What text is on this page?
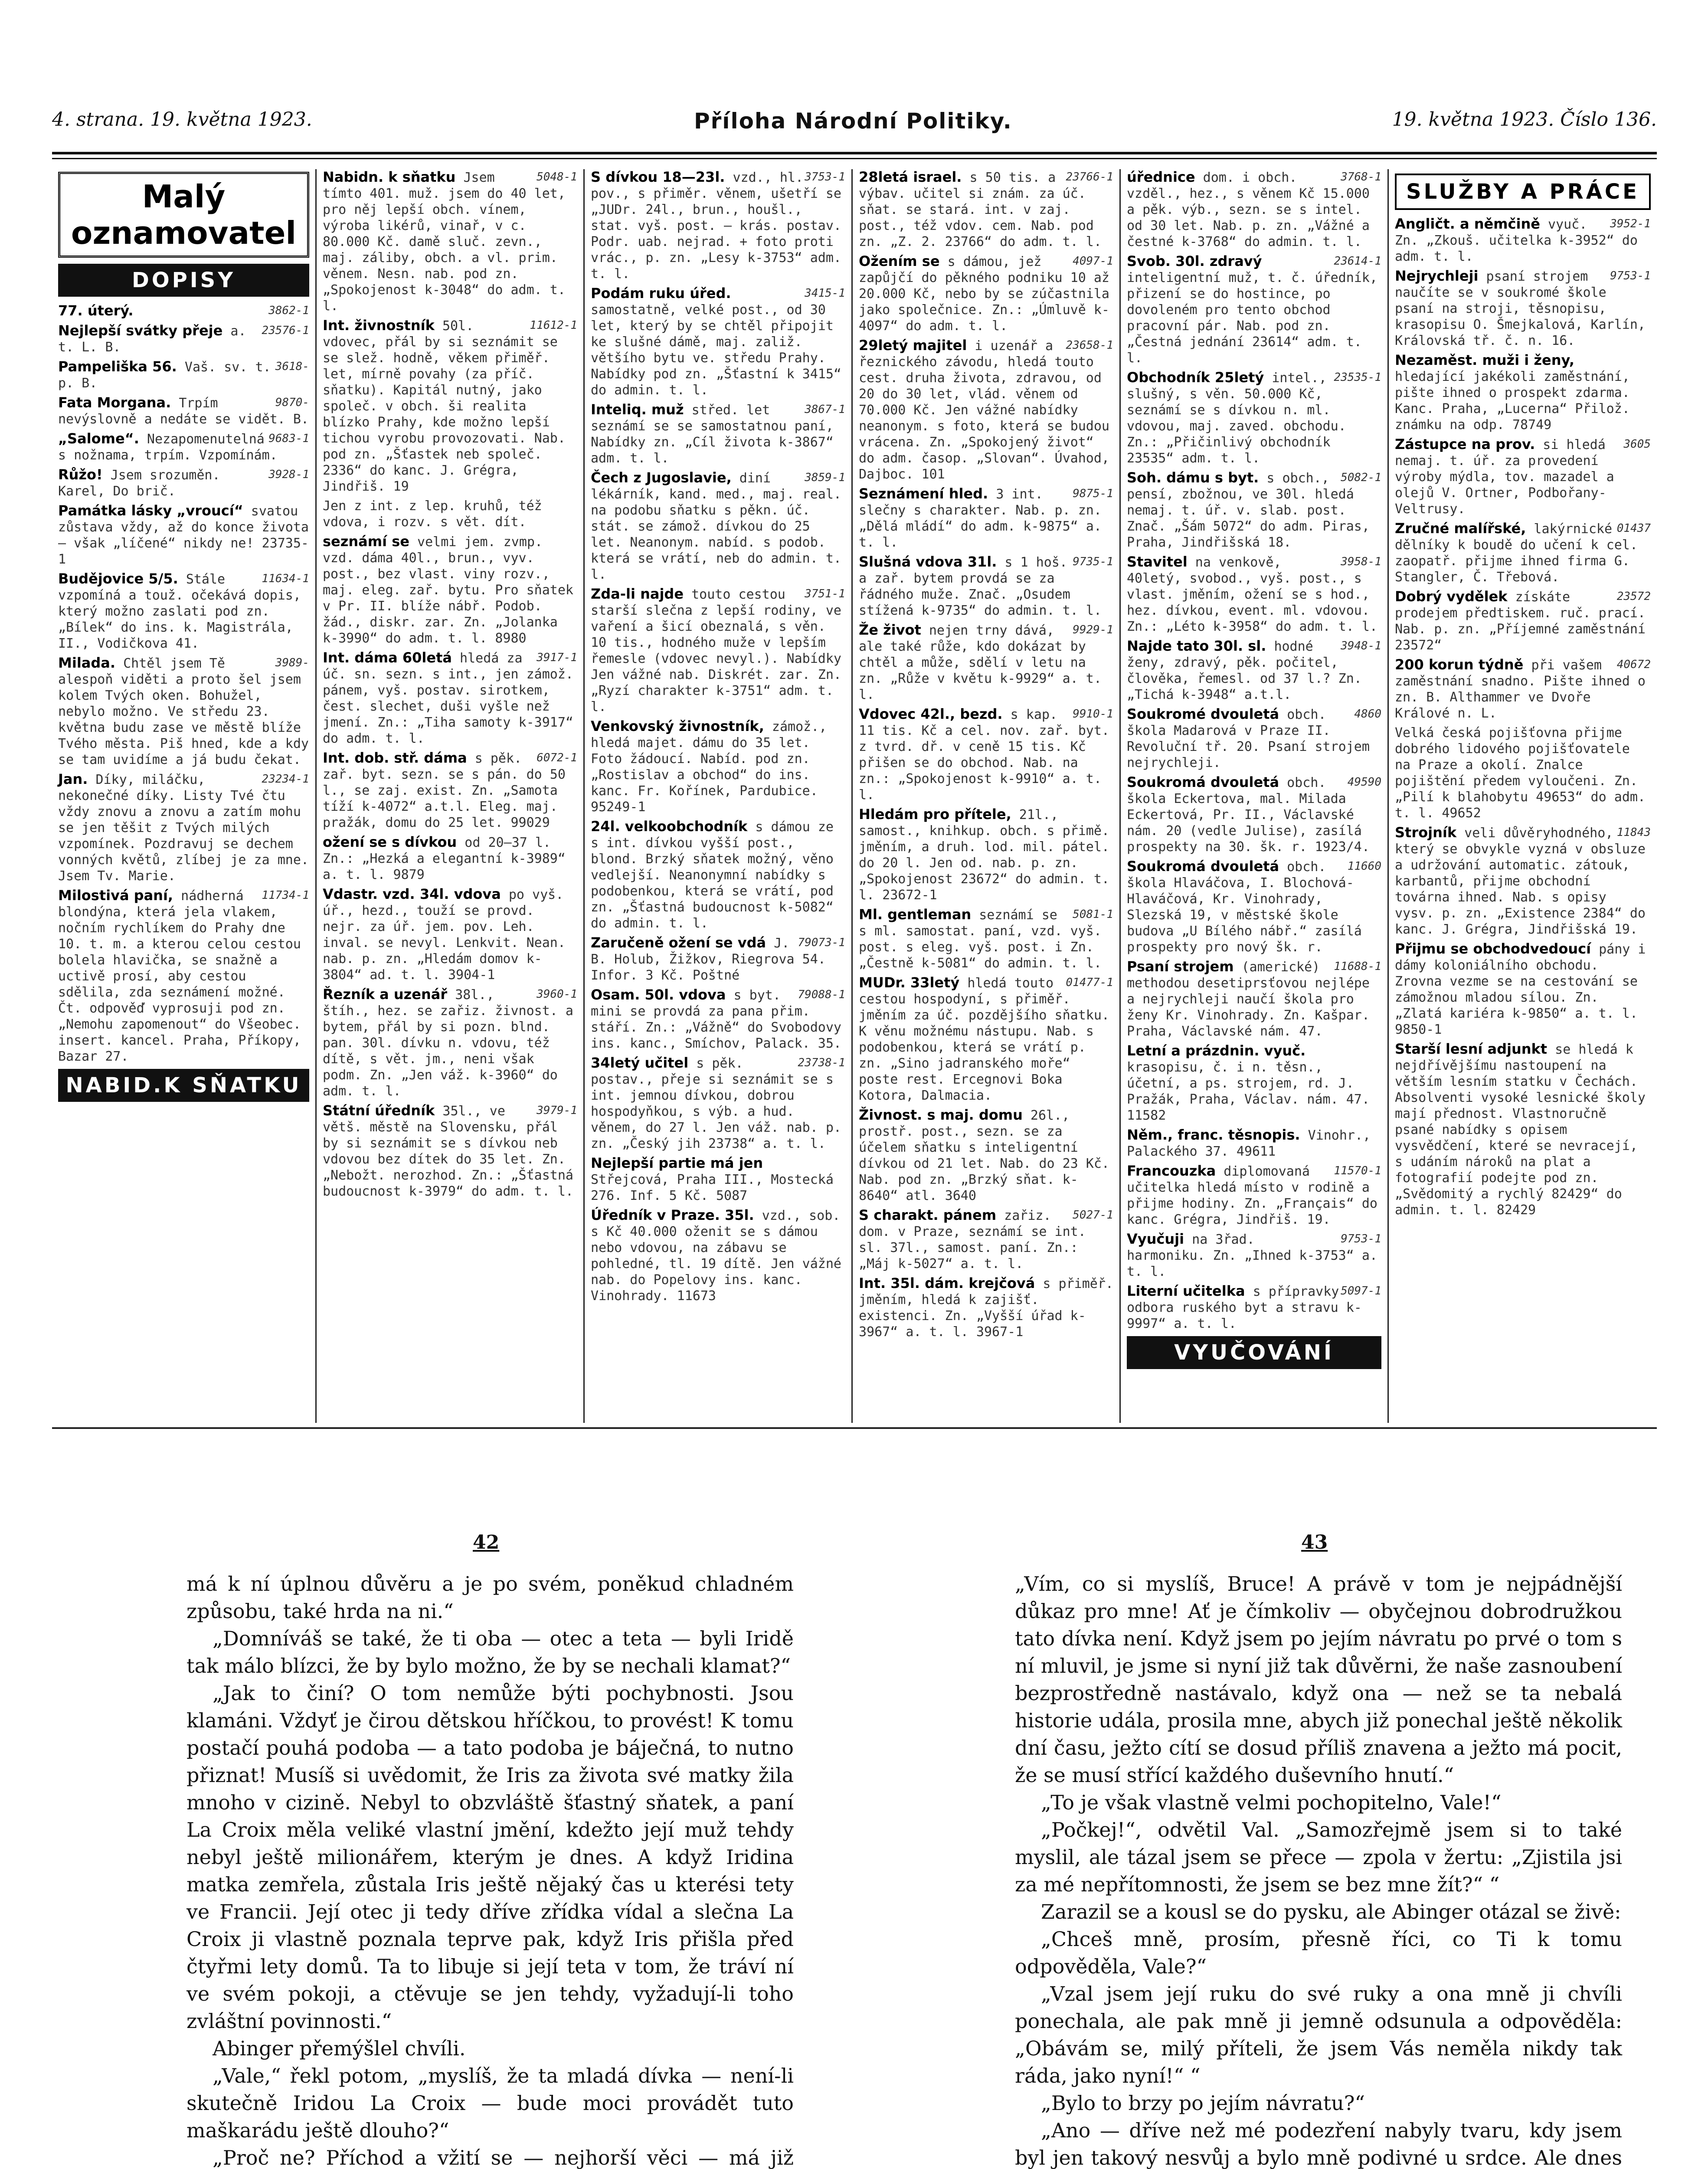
4. strana. 19. května 1923.	Příloha Národní Politiky.	19. května 1923. Číslo 136.
Malý
oznamovatel
DOPISY
3862-1
77. úterý.
23576-1
Nejlepší svátky přeje a. t. L. B.
3618-
Pampeliška 56. Vaš. sv. t. p. B.
9870-
Fata Morgana. Trpím nevýslovně a nedáte se vidět. B.
9683-1
„Salome“. Nezapomenutelná s nožnama, trpím. Vzpomínám.
3928-1
Růžo! Jsem srozuměn. Karel, Do brič.
Památka lásky „vroucí“ svatou zůstava vždy, až do konce života — však „líčené“ nikdy ne! 23735-1
11634-1
Budějovice 5/5. Stále vzpomíná a touž. očekává dopis, který možno zaslati pod zn. „Bílek“ do ins. k. Magistrála, II., Vodičkova 41.
3989-
Milada. Chtěl jsem Tě alespoň viděti a proto šel jsem kolem Tvých oken. Bohužel, nebylo možno. Ve středu 23. května budu zase ve městě blíže Tvého města. Piš hned, kde a kdy se tam uvidíme a já budu čekat.
23234-1
Jan. Díky, miláčku, nekonečné díky. Listy Tvé čtu vždy znovu a znovu a zatím mohu se jen těšit z Tvých milých vzpomínek. Pozdravuj se dechem vonných květů, zlíbej je za mne. Jsem Tv. Marie.
11734-1
Milostivá paní, nádherná blondýna, která jela vlakem, nočním rychlíkem do Prahy dne 10. t. m. a kterou celou cestou bolela hlavička, se snažně a uctivě prosí, aby cestou sdělila, zda seznámení možné. Čt. odpověď vyprosuji pod zn. „Nemohu zapomenout“ do Všeobec. insert. kancel. Praha, Příkopy, Bazar 27.
NABID.K SŇATKU
5048-1
Nabidn. k sňatku Jsem tímto 401. muž. jsem do 40 let, pro něj lepší obch. vínem, výroba likérů, vinař, v c. 80.000 Kč. damě sluč. zevn., maj. záliby, obch. a vl. prim. věnem. Nesn. nab. pod zn. „Spokojenost k-3048“ do adm. t. l.
11612-1
Int. živnostník 50l. vdovec, přál by si seznámit se se slež. hodně, věkem přiměř. let, mírně povahy (za příč. sňatku). Kapitál nutný, jako společ. v obch. ši realita blízko Prahy, kde možno lepší tichou vyrobu provozovati. Nab. pod zn. „Šťastek neb společ. 2336“ do kanc. J. Grégra, Jindřiš. 19
Jen z int. z lep. kruhů, též vdova, i rozv. s vět. dít.
seznámí se velmi jem. zvmp. vzd. dáma 40l., brun., vyv. post., bez vlast. viny rozv., maj. eleg. zař. bytu. Pro sňatek v Pr. II. blíže nábř. Podob. žád., diskr. zar. Zn. „Jolanka k-3990“ do adm. t. l. 8980
3917-1
Int. dáma 60letá hledá za úč. sn. sezn. s int., jen zámož. pánem, vyš. postav. sirotkem, čest. slechet, duši vyšle než jmení. Zn.: „Tiha samoty k-3917“ do adm. t. l.
6072-1
Int. dob. stř. dáma s pěk. zař. byt. sezn. se s pán. do 50 l., se zaj. exist. Zn. „Samota tíží k-4072“ a.t.l. Eleg. maj. pražák, domu do 25 let. 99029
ožení se s dívkou od 20—37 l. Zn.: „Hezká a elegantní k-3989“ a. t. l. 9879
Vdastr. vzd. 34l. vdova po vyš. úř., hezd., touží se provd. nejr. za úř. jem. pov. Leh. inval. se nevyl. Lenkvit. Nean. nab. p. zn. „Hledám domov k-3804“ ad. t. l. 3904-1
3960-1
Řezník a uzenář 38l., štíh., hez. se zařiz. živnost. a bytem, přál by si pozn. blnd. pan. 30l. dívku n. vdovu, též dítě, s vět. jm., neni však podm. Zn. „Jen váž. k-3960“ do adm. t. l.
3979-1
Státní úředník 35l., ve větš. městě na Slovensku, přál by si seznámit se s dívkou neb vdovou bez dítek do 35 let. Zn. „Nebožt. nerozhod. Zn.: „Šťastná budoucnost k-3979“ do adm. t. l.
3753-1
S dívkou 18—23l. vzd., hl. pov., s přiměr. věnem, ušetří se „JUDr. 24l., brun., houšl., stat. vyš. post. — krás. postav. Podr. uab. nejrad. + foto proti vrác., p. zn. „Lesy k-3753“ adm. t. l.
3415-1
Podám ruku úřed. samostatně, velké post., od 30 let, který by se chtěl připojit ke slušné dámě, maj. zaliž. většího bytu ve. středu Prahy. Nabídky pod zn. „Šťastní k 3415“ do admin. t. l.
3867-1
Inteliq. muž střed. let seznámí se se samostatnou paní, Nabídky zn. „Cíl života k-3867“ adm. t. l.
3859-1
Čech z Jugoslavie, diní lékárník, kand. med., maj. real. na podobu sňatku s pěkn. úč. stát. se zámož. dívkou do 25 let. Neanonym. nabíd. s podob. která se vrátí, neb do admin. t. l.
3751-1
Zda-li najde touto cestou starší slečna z lepší rodiny, ve vaření a šicí obeznalá, s věn. 10 tis., hodného muže v lepším řemesle (vdovec nevyl.). Nabídky Jen vážné nab. Diskrét. zar. Zn. „Ryzí charakter k-3751“ adm. t. l.
Venkovský živnostník, zámož., hledá majet. dámu do 35 let. Foto žádoucí. Nabíd. pod zn. „Rostislav a obchod“ do ins. kanc. Fr. Kořínek, Pardubice. 95249-1
24l. velkoobchodník s dámou ze s int. dívkou vyšší post., blond. Brzký sňatek možný, věno vedlejší. Neanonymní nabídky s podobenkou, která se vrátí, pod zn. „Šťastná budoucnost k-5082“ do admin. t. l.
79073-1
Zaručeně ožení se vdá J. B. Holub, Žižkov, Riegrova 54. Infor. 3 Kč. Poštné
79088-1
Osam. 50l. vdova s byt. mini se provdá za pana přim. stáří. Zn.: „Vážně“ do Svobodovy ins. kanc., Smíchov, Palack. 35.
23738-1
34letý učitel s pěk. postav., přeje si seznámit se s int. jemnou dívkou, dobrou hospodyňkou, s výb. a hud. věnem, do 27 l. Jen váž. nab. p. zn. „Český jih 23738“ a. t. l.
Nejlepší partie má jen Střejcová, Praha III., Mostecká 276. Inf. 5 Kč. 5087
Úředník v Praze. 35l. vzd., sob. s Kč 40.000 oženit se s dámou nebo vdovou, na zábavu se pohledné, tl. 19 dítě. Jen vážné nab. do Popelovy ins. kanc. Vinohrady. 11673
23766-1
28letá israel. s 50 tis. a výbav. učitel si znám. za úč. sňat. se stará. int. v zaj. post., též vdov. cem. Nab. pod zn. „Z. 2. 23766“ do adm. t. l.
4097-1
Ožením se s dámou, jež zapůjčí do pěkného podniku 10 až 20.000 Kč, nebo by se zúčastnila jako společnice. Zn.: „Úmluvě k-4097“ do adm. t. l.
23658-1
29letý majitel i uzenář a řeznického závodu, hledá touto cest. druha života, zdravou, od 20 do 30 let, vlád. věnem od 70.000 Kč. Jen vážné nabídky neanonym. s foto, která se budou vrácena. Zn. „Spokojený život“ do adm. časop. „Slovan“. Úvahod, Dajboc. 101
9875-1
Seznámení hled. 3 int. slečny s charakter. Nab. p. zn. „Dělá mládí“ do adm. k-9875“ a. t. l.
9735-1
Slušná vdova 31l. s 1 hoš. a zař. bytem provdá se za řádného muže. Znač. „Osudem stížená k-9735“ do admin. t. l.
9929-1
Že život nejen trny dává, ale také růže, kdo dokázat by chtěl a může, sdělí v letu na zn. „Růže v květu k-9929“ a. t. l.
9910-1
Vdovec 42l., bezd. s kap. 11 tis. Kč a cel. nov. zař. byt. z tvrd. dř. v ceně 15 tis. Kč přišen se do obchod. Nab. na zn.: „Spokojenost k-9910“ a. t. l.
Hledám pro přítele, 21l., samost., knihkup. obch. s přimě. jměním, a druh. lod. mil. pátel. do 20 l. Jen od. nab. p. zn. „Spokojenost 23672“ do admin. t. l. 23672-1
5081-1
Ml. gentleman seznámí se s ml. samostat. paní, vzd. vyš. post. s eleg. vyš. post. i Zn. „Čestně k-5081“ do admin. t. l.
01477-1
MUDr. 33letý hledá touto cestou hospodyní, s přiměř. jměním za úč. pozdějšího sňatku. K věnu možnému nástupu. Nab. s podobenkou, která se vrátí p. zn. „Sino jadranského moře“ poste rest. Ercegnovi Boka Kotora, Dalmacia.
Živnost. s maj. domu 26l., prostř. post., sezn. se za účelem sňatku s inteligentní dívkou od 21 let. Nab. do 23 Kč. Nab. pod zn. „Brzký sňat. k-8640“ atl. 3640
5027-1
S charakt. pánem zařiz. dom. v Praze, seznámí se int. sl. 37l., samost. paní. Zn.: „Máj k-5027“ a. t. l.
Int. 35l. dám. krejčová s přiměř. jměním, hledá k zajišť. existenci. Zn. „Vyšší úřad k-3967“ a. t. l. 3967-1
3768-1
úřednice dom. i obch. vzděl., hez., s věnem Kč 15.000 a pěk. výb., sezn. se s intel. od 30 let. Nab. p. zn. „Vážné a čestné k-3768“ do admin. t. l.
23614-1
Svob. 30l. zdravý inteligentní muž, t. č. úředník, přizení se do hostince, po dovoleném pro tento obchod pracovní pár. Nab. pod zn. „Čestná jednání 23614“ adm. t. l.
23535-1
Obchodník 25letý intel., slušný, s věn. 50.000 Kč, seznámí se s dívkou n. ml. vdovou, maj. zaved. obchodu. Zn.: „Přičinlivý obchodník 23535“ adm. t. l.
5082-1
Soh. dámu s byt. s obch., pensí, zbožnou, ve 30l. hledá nemaj. t. úř. v. slab. post. Znač. „Šám 5072“ do adm. Piras, Praha, Jindřišská 18.
3958-1
Stavitel na venkově, 40letý, svobod., vyš. post., s vlast. jměním, ožení se s hod., hez. dívkou, event. ml. vdovou. Zn.: „Léto k-3958“ do adm. t. l.
3948-1
Najde tato 30l. sl. hodné ženy, zdravý, pěk. počitel, člověka, řemesl. od 37 l.? Zn. „Tichá k-3948“ a.t.l.
4860
Soukromé dvouletá obch. škola Madarová v Praze II. Revoluční tř. 20. Psaní strojem nejrychleji.
49590
Soukromá dvouletá obch. škola Eckertova, mal. Milada Eckertová, Pr. II., Václavské nám. 20 (vedle Julise), zasílá prospekty na 30. šk. r. 1923/4.
11660
Soukromá dvouletá obch. škola Hlaváčova, I. Blochová-Hlaváčová, Kr. Vinohrady, Slezská 19, v městské škole budova „U Bílého nábř.“ zasílá prospekty pro nový šk. r.
11688-1
Psaní strojem (americké) methodou desetiprsťovou nejlépe a nejrychleji naučí škola pro ženy Kr. Vinohrady. Zn. Kašpar. Praha, Václavské nám. 47.
Letní a prázdnin. vyuč. krasopisu, č. i n. těsn., účetní, a ps. strojem, rd. J. Pražák, Praha, Václav. nám. 47. 11582
Něm., franc. těsnopis. Vinohr., Palackého 37. 49611
11570-1
Francouzka diplomovaná učitelka hledá místo v rodině a přijme hodiny. Zn. „Français“ do kanc. Grégra, Jindřiš. 19.
9753-1
Vyučuji na 3řad. harmoniku. Zn. „Ihned k-3753“ a. t. l.
5097-1
Literní učitelka s přípravky odbora ruského byt a stravu k-9997“ a. t. l.
VYUČOVÁNÍ
SLUŽBY A PRÁCE
3952-1
Angličt. a němčině vyuč. Zn. „Zkouš. učitelka k-3952“ do adm. t. l.
9753-1
Nejrychleji psaní strojem naučíte se v soukromé škole psaní na stroji, těsnopisu, krasopisu O. Šmejkalová, Karlín, Královská tř. č. n. 16.
Nezaměst. muži i ženy, hledající jakékoli zaměstnání, pište ihned o prospekt zdarma. Kanc. Praha, „Lucerna“ Přilož. známku na odp. 78749
3605
Zástupce na prov. si hledá nemaj. t. úř. za provedení výroby mýdla, tov. mazadel a olejů V. Ortner, Podbořany-Veltrusy.
01437
Zručné malířské, lakýrnické dělníky k boudě do učení k cel. zaopatř. přijme ihned firma G. Stangler, Č. Třebová.
23572
Dobrý vydělek získáte prodejem předtiskem. ruč. prací. Nab. p. zn. „Příjemné zaměstnání 23572“
40672
200 korun týdně při vašem zaměstnání snadno. Pište ihned o zn. B. Althammer ve Dvoře Králové n. L.
Velká česká pojišťovna přijme dobrého lidového pojišťovatele na Praze a okolí. Znalce pojištění předem vyloučeni. Zn. „Pilí k blahobytu 49653“ do adm. t. l. 49652
11843
Strojník veli důvěryhodného, který se obvykle vyzná v obsluze a udržování automatic. zátouk, karbantů, přijme obchodní továrna ihned. Nab. s opisy vysv. p. zn. „Existence 2384“ do kanc. J. Grégra, Jindřišská 19.
Přijmu se obchodvedoucí pány i dámy koloniálního obchodu. Zrovna vezme se na cestování se zámožnou mladou sílou. Zn. „Zlatá kariéra k-9850“ a. t. l. 9850-1
Starší lesní adjunkt se hledá k nejdřívějšímu nastoupení na větším lesním statku v Čechách. Absolventi vysoké lesnické školy mají přednost. Vlastnoručně psané nabídky s opisem vysvědčení, které se nevracejí, s udáním nároků na plat a fotografií podejte pod zn. „Svědomitý a rychlý 82429“ do admin. t. l. 82429
42	43

má k ní úplnou důvěru a je po svém, poněkud chladném způsobu, také hrda na ni.“

„Domníváš se také, že ti oba — otec a teta — byli Iridě tak málo blízci, že by bylo možno, že by se nechali klamat?“

„Jak to činí? O tom nemůže býti pochybnosti. Jsou klamáni. Vždyť je čirou dětskou hříčkou, to provést! K tomu postačí pouhá podoba — a tato podoba je báječná, to nutno přiznat! Musíš si uvědomit, že Iris za života své matky žila mnoho v cizině. Nebyl to obzvláště šťastný sňatek, a paní La Croix měla veliké vlastní jmění, kdežto její muž tehdy nebyl ještě milionářem, kterým je dnes. A když Iridina matka zemřela, zůstala Iris ještě nějaký čas u kterési tety ve Francii. Její otec ji tedy dříve zřídka vídal a slečna La Croix ji vlastně poznala teprve pak, když Iris přišla před čtyřmi lety domů. Ta to libuje si její teta v tom, že tráví ní ve svém pokoji, a ctěvuje se jen tehdy, vyžadují-li toho zvláštní povinnosti.“

Abinger přemýšlel chvíli.

„Vale,“ řekl potom, „myslíš, že ta mladá dívka — není-li skutečně Iridou La Croix — bude moci provádět tuto maškarádu ještě dlouho?“

„Proč ne? Příchod a vžití se — nejhorší věci — má již

„Vím, co si myslíš, Bruce! A právě v tom je nejpádnější důkaz pro mne! Ať je čímkoliv — obyčejnou dobrodružkou tato dívka není. Když jsem po jejím návratu po prvé o tom s ní mluvil, je jsme si nyní již tak důvěrni, že naše zasnoubení bezprostředně nastávalo, když ona — než se ta nebalá historie udála, prosila mne, abych již ponechal ještě několik dní času, ježto cítí se dosud příliš znavena a ježto má pocit, že se musí střící každého duševního hnutí.“

„To je však vlastně velmi pochopitelno, Vale!“

„Počkej!“, odvětil Val. „Samozřejmě jsem si to také myslil, ale tázal jsem se přece — zpola v žertu: „Zjistila jsi za mé nepřítomnosti, že jsem se bez mne žít?“ “

Zarazil se a kousl se do pysku, ale Abinger otázal se živě:

„Chceš mně, prosím, přesně říci, co Ti k tomu odpověděla, Vale?“

„Vzal jsem její ruku do své ruky a ona mně ji chvíli ponechala, ale pak mně ji jemně odsunula a odpověděla: „Obávám se, milý příteli, že jsem Vás neměla nikdy tak ráda, jako nyní!“ “

„Bylo to brzy po jejím návratu?“

„Ano — dříve než mé podezření nabyly tvaru, kdy jsem byl jen takový nesvůj a bylo mně podivné u srdce. Ale dnes
